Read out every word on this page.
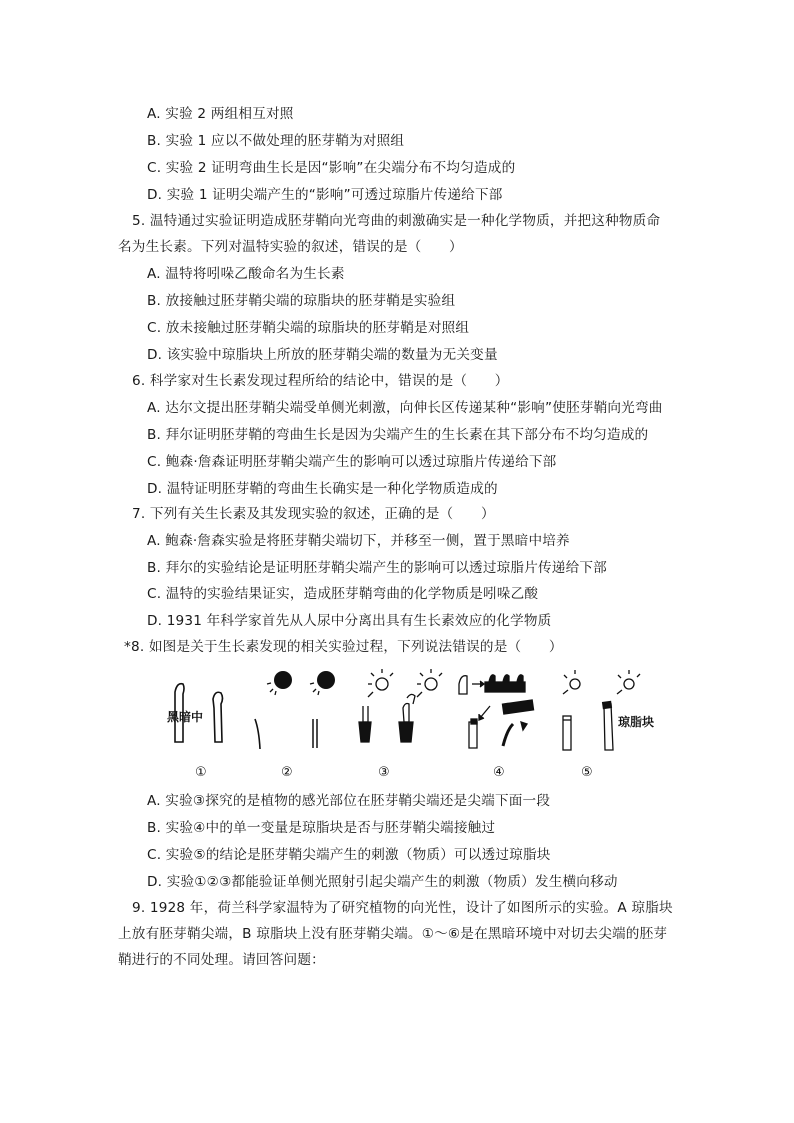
A. 实验 2 两组相互对照
B. 实验 1 应以不做处理的胚芽鞘为对照组
C. 实验 2 证明弯曲生长是因“影响”在尖端分布不均匀造成的
D. 实验 1 证明尖端产生的“影响”可透过琼脂片传递给下部
5. 温特通过实验证明造成胚芽鞘向光弯曲的刺激确实是一种化学物质，并把这种物质命
名为生长素。下列对温特实验的叙述，错误的是（　　）
A. 温特将吲哚乙酸命名为生长素
B. 放接触过胚芽鞘尖端的琼脂块的胚芽鞘是实验组
C. 放未接触过胚芽鞘尖端的琼脂块的胚芽鞘是对照组
D. 该实验中琼脂块上所放的胚芽鞘尖端的数量为无关变量
6. 科学家对生长素发现过程所给的结论中，错误的是（　　）
A. 达尔文提出胚芽鞘尖端受单侧光刺激，向伸长区传递某种“影响”使胚芽鞘向光弯曲
B. 拜尔证明胚芽鞘的弯曲生长是因为尖端产生的生长素在其下部分布不均匀造成的
C. 鲍森·詹森证明胚芽鞘尖端产生的影响可以透过琼脂片传递给下部
D. 温特证明胚芽鞘的弯曲生长确实是一种化学物质造成的
7. 下列有关生长素及其发现实验的叙述，正确的是（　　）
A. 鲍森·詹森实验是将胚芽鞘尖端切下，并移至一侧，置于黑暗中培养
B. 拜尔的实验结论是证明胚芽鞘尖端产生的影响可以透过琼脂片传递给下部
C. 温特的实验结果证实，造成胚芽鞘弯曲的化学物质是吲哚乙酸
D. 1931 年科学家首先从人尿中分离出具有生长素效应的化学物质
*8. 如图是关于生长素发现的相关实验过程，下列说法错误的是（　　）
黑暗中	琼脂块
①	②	③	④	⑤
A. 实验③探究的是植物的感光部位在胚芽鞘尖端还是尖端下面一段
B. 实验④中的单一变量是琼脂块是否与胚芽鞘尖端接触过
C. 实验⑤的结论是胚芽鞘尖端产生的刺激（物质）可以透过琼脂块
D. 实验①②③都能验证单侧光照射引起尖端产生的刺激（物质）发生横向移动
9. 1928 年，荷兰科学家温特为了研究植物的向光性，设计了如图所示的实验。A 琼脂块
上放有胚芽鞘尖端，B 琼脂块上没有胚芽鞘尖端。①～⑥是在黑暗环境中对切去尖端的胚芽
鞘进行的不同处理。请回答问题：
